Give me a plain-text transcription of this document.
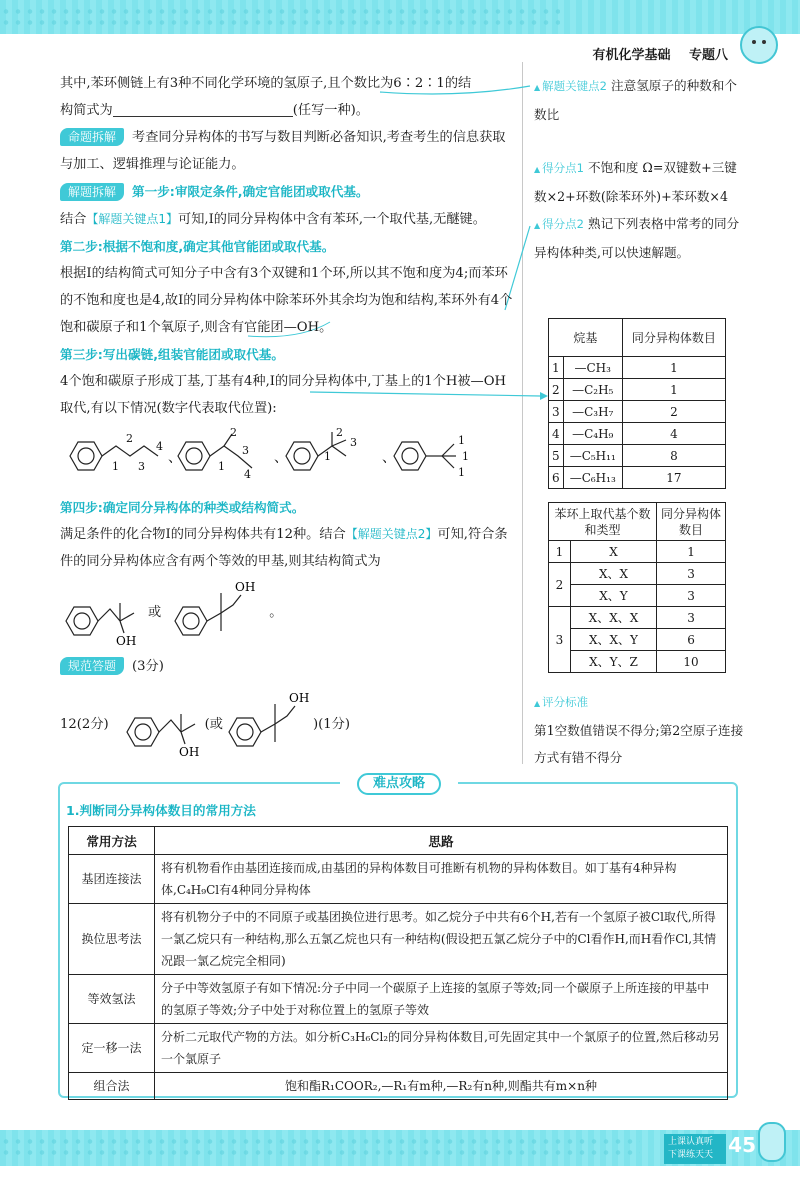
有机化学基础 专题八

其中,苯环侧链上有3种不同化学环境的氢原子,且个数比为6∶2∶1的结

构简式为	(任写一种)。

命题拆解 考查同分异构体的书写与数目判断必备知识,考查考生的信息获取与加工、逻辑推理与论证能力。

解题拆解 第一步:审限定条件,确定官能团或取代基。

结合【解题关键点1】可知,Ⅰ的同分异构体中含有苯环,一个取代基,无醚键。

第二步:根据不饱和度,确定其他官能团或取代基。

根据Ⅰ的结构简式可知分子中含有3个双键和1个环,所以其不饱和度为4;而苯环的不饱和度也是4,故Ⅰ的同分异构体中除苯环外其余均为饱和结构,苯环外有4个饱和碳原子和1个氧原子,则含有官能团—OH。

第三步:写出碳链,组装官能团或取代基。

4个饱和碳原子形成丁基,丁基有4种,Ⅰ的同分异构体中,丁基上的1个H被—OH取代,有以下情况(数字代表取代位置):

1
2
3
4
1
2
3
4
1
2
3	1
1
1
、	、	、

第四步:确定同分异构体的种类或结构简式。

满足条件的化合物Ⅰ的同分异构体共有12种。结合【解题关键点2】可知,符合条件的同分异构体应含有两个等效的甲基,则其结构简式为

OH
或
OH
。

规范答题 (3分)

12(2分)
OH
(或
OH
)(1分)

▲ 解题关键点2 注意氢原子的种数和个数比

▲ 得分点1 不饱和度 Ω=双键数+三键数×2+环数(除苯环外)+苯环数×4

▲ 得分点2 熟记下列表格中常考的同分异构体种类,可以快速解题。

烷基		同分异构体数目
1	—CH₃	1
2	—C₂H₅	1
3	—C₃H₇	2
4	—C₄H₉	4
5	—C₅H₁₁	8
6	—C₆H₁₃	17
苯环上取代基个数和类型		同分异构体数目
1	X	1
2	X、X	3
	X、Y	3
3	X、X、X	3
	X、X、Y	6
	X、Y、Z	10
▲ 评分标准

第1空数值错误不得分;第2空原子连接方式有错不得分

难点攻略
1.判断同分异构体数目的常用方法
常用方法	思路
基团连接法	将有机物看作由基团连接而成,由基团的异构体数目可推断有机物的异构体数目。如丁基有4种异构体,C₄H₉Cl有4种同分异构体
换位思考法	将有机物分子中的不同原子或基团换位进行思考。如乙烷分子中共有6个H,若有一个氢原子被Cl取代,所得一氯乙烷只有一种结构,那么五氯乙烷也只有一种结构(假设把五氯乙烷分子中的Cl看作H,而H看作Cl,其情况跟一氯乙烷完全相同)
等效氢法	分子中等效氢原子有如下情况:分子中同一个碳原子上连接的氢原子等效;同一个碳原子上所连接的甲基中的氢原子等效;分子中处于对称位置上的氢原子等效
定一移一法	分析二元取代产物的方法。如分析C₃H₆Cl₂的同分异构体数目,可先固定其中一个氯原子的位置,然后移动另一个氯原子
组合法	饱和酯R₁COOR₂,—R₁有m种,—R₂有n种,则酯共有m×n种
上课认真听 下课练天天 45
